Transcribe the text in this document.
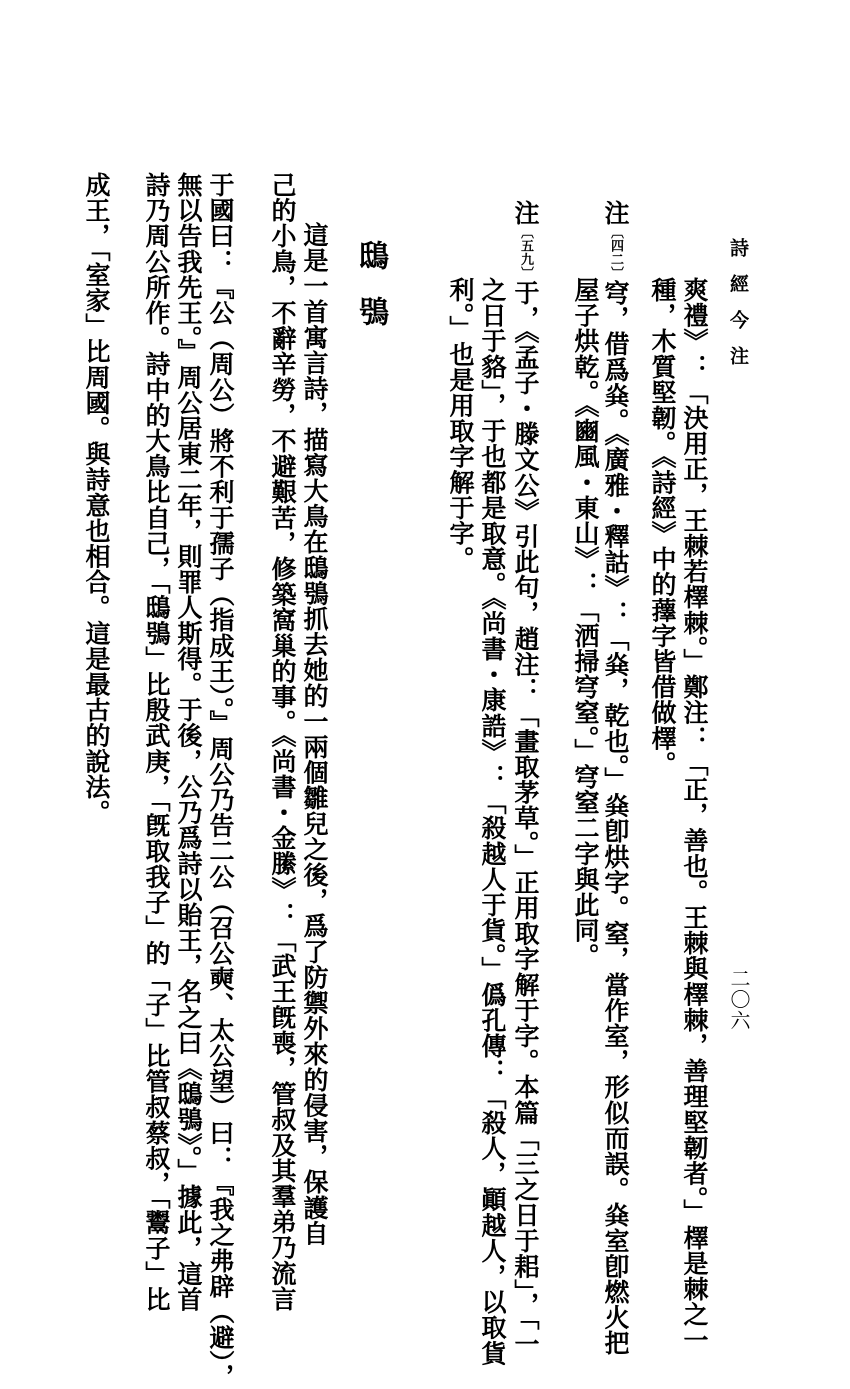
詩經今注
二〇六
爽禮》：「決用正，王棘若檡棘。」鄭注：「正，善也。王棘與檡棘，善理堅韌者。」檡是棘之一
種，木質堅韌。《詩經》中的蘀字皆借做檡。
注〔四二〕穹，借爲烡。《廣雅・釋詁》：「烡，乾也。」烡卽烘字。窒，當作室，形似而誤。烡室卽燃火把
屋子烘乾。《豳風・東山》：「洒掃穹窒。」穹窒二字與此同。
注〔五九〕于，《孟子・滕文公》引此句，趙注：「畫取茅草。」正用取字解于字。本篇「三之日于耜」，「一
之日于貉」，于也都是取意。《尚書・康誥》：「殺越人于貨。」僞孔傳：「殺人，顚越人，以取貨
利。」也是用取字解于字。
鴟鴞
這是一首寓言詩，描寫大鳥在鴟鴞抓去她的一兩個雛兒之後，爲了防禦外來的侵害，保護自
己的小鳥，不辭辛勞，不避艱苦，修築窩巢的事。《尚書・金縢》：「武王旣喪，管叔及其羣弟乃流言
于國曰：『公（周公）將不利于孺子（指成王）。』周公乃告二公（召公奭、太公望）曰：『我之弗辟（避），
無以告我先王。』周公居東二年，則罪人斯得。于後，公乃爲詩以貽王，名之曰《鴟鴞》。」據此，這首
詩乃周公所作。詩中的大鳥比自己，「鴟鴞」比殷武庚，「旣取我子」的「子」比管叔蔡叔，「鬻子」比
成王，「室家」比周國。與詩意也相合。這是最古的說法。
